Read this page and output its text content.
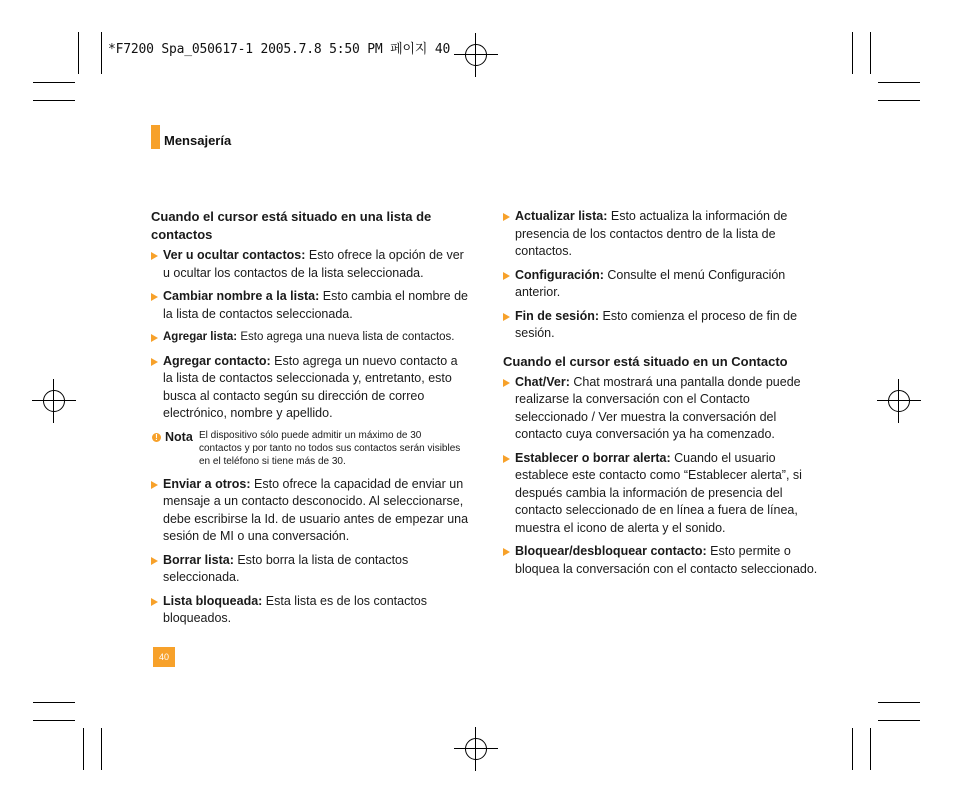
*F7200 Spa_050617-1 2005.7.8 5:50 PM 페이지 40
Mensajería
Cuando el cursor está situado en una lista de contactos
Ver u ocultar contactos: Esto ofrece la opción de ver u ocultar los contactos de la lista seleccionada.
Cambiar nombre a la lista: Esto cambia el nombre de la lista de contactos seleccionada.
Agregar lista: Esto agrega una nueva lista de contactos.
Agregar contacto: Esto agrega un nuevo contacto a la lista de contactos seleccionada y, entretanto, esto busca al contacto según su dirección de correo electrónico, nombre y apellido.
! Nota El dispositivo sólo puede admitir un máximo de 30 contactos y por tanto no todos sus contactos serán visibles en el teléfono si tiene más de 30.
Enviar a otros: Esto ofrece la capacidad de enviar un mensaje a un contacto desconocido. Al seleccionarse, debe escribirse la Id. de usuario antes de empezar una sesión de MI o una conversación.
Borrar lista: Esto borra la lista de contactos seleccionada.
Lista bloqueada: Esta lista es de los contactos bloqueados.
Actualizar lista: Esto actualiza la información de presencia de los contactos dentro de la lista de contactos.
Configuración: Consulte el menú Configuración anterior.
Fin de sesión: Esto comienza el proceso de fin de sesión.
Cuando el cursor está situado en un Contacto
Chat/Ver: Chat mostrará una pantalla donde puede realizarse la conversación con el Contacto seleccionado / Ver muestra la conversación del contacto cuya conversación ya ha comenzado.
Establecer o borrar alerta: Cuando el usuario establece este contacto como “Establecer alerta”, si después cambia la información de presencia del contacto seleccionado de en línea a fuera de línea, muestra el icono de alerta y el sonido.
Bloquear/desbloquear contacto: Esto permite o bloquea la conversación con el contacto seleccionado.
40
